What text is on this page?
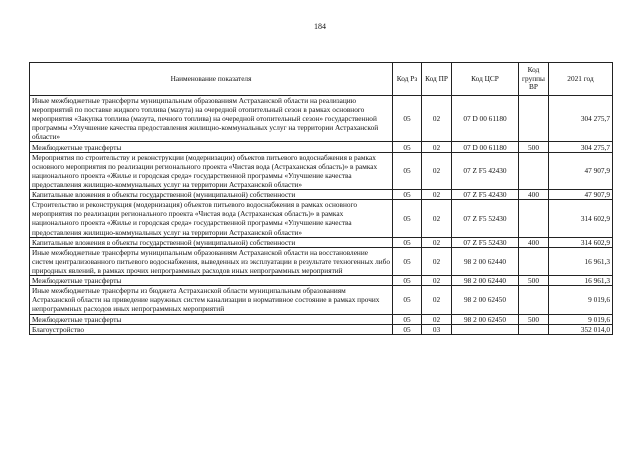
184
Наименование показателя	Код Рз	Код ПР	Код ЦСР	Код группы ВР	2021 год
Иные межбюджетные трансферты муниципальным образованиям Астраханской области на реализацию мероприятий по поставке жидкого топлива (мазута) на очередной отопительный сезон в рамках основного мероприятия «Закупка топлива (мазута, печного топлива) на очередной отопительный сезон» государственной программы «Улучшение качества предоставления жилищно-коммунальных услуг на территории Астраханской области»	05	02	07 D 00 61180		304 275,7
Межбюджетные трансферты	05	02	07 D 00 61180	500	304 275,7
Мероприятия по строительству и реконструкции (модернизации) объектов питьевого водоснабжения в рамках основного мероприятия по реализации регионального проекта «Чистая вода (Астраханская область)» в рамках национального проекта «Жилье и городская среда» государственной программы «Улучшение качества предоставления жилищно-коммунальных услуг на территории Астраханской области»	05	02	07 Z F5 42430		47 907,9
Капитальные вложения в объекты государственной (муниципальной) собственности	05	02	07 Z F5 42430	400	47 907,9
Строительство и реконструкция (модернизация) объектов питьевого водоснабжения в рамках основного мероприятия по реализации регионального проекта «Чистая вода (Астраханская область)» в рамках национального проекта «Жилье и городская среда» государственной программы «Улучшение качества предоставления жилищно-коммунальных услуг на территории Астраханской области»	05	02	07 Z F5 52430		314 602,9
Капитальные вложения в объекты государственной (муниципальной) собственности	05	02	07 Z F5 52430	400	314 602,9
Иные межбюджетные трансферты муниципальным образованиям Астраханской области на восстановление систем централизованного питьевого водоснабжения, выведенных из эксплуатации в результате техногенных либо природных явлений, в рамках прочих непрограммных расходов иных непрограммных мероприятий	05	02	98 2 00 62440		16 961,3
Межбюджетные трансферты	05	02	98 2 00 62440	500	16 961,3
Иные межбюджетные трансферты из бюджета Астраханской области муниципальным образованиям Астраханской области на приведение наружных систем канализации в нормативное состояние в рамках прочих непрограммных расходов иных непрограммных мероприятий	05	02	98 2 00 62450		9 019,6
Межбюджетные трансферты	05	02	98 2 00 62450	500	9 019,6
Благоустройство	05	03			352 014,0
